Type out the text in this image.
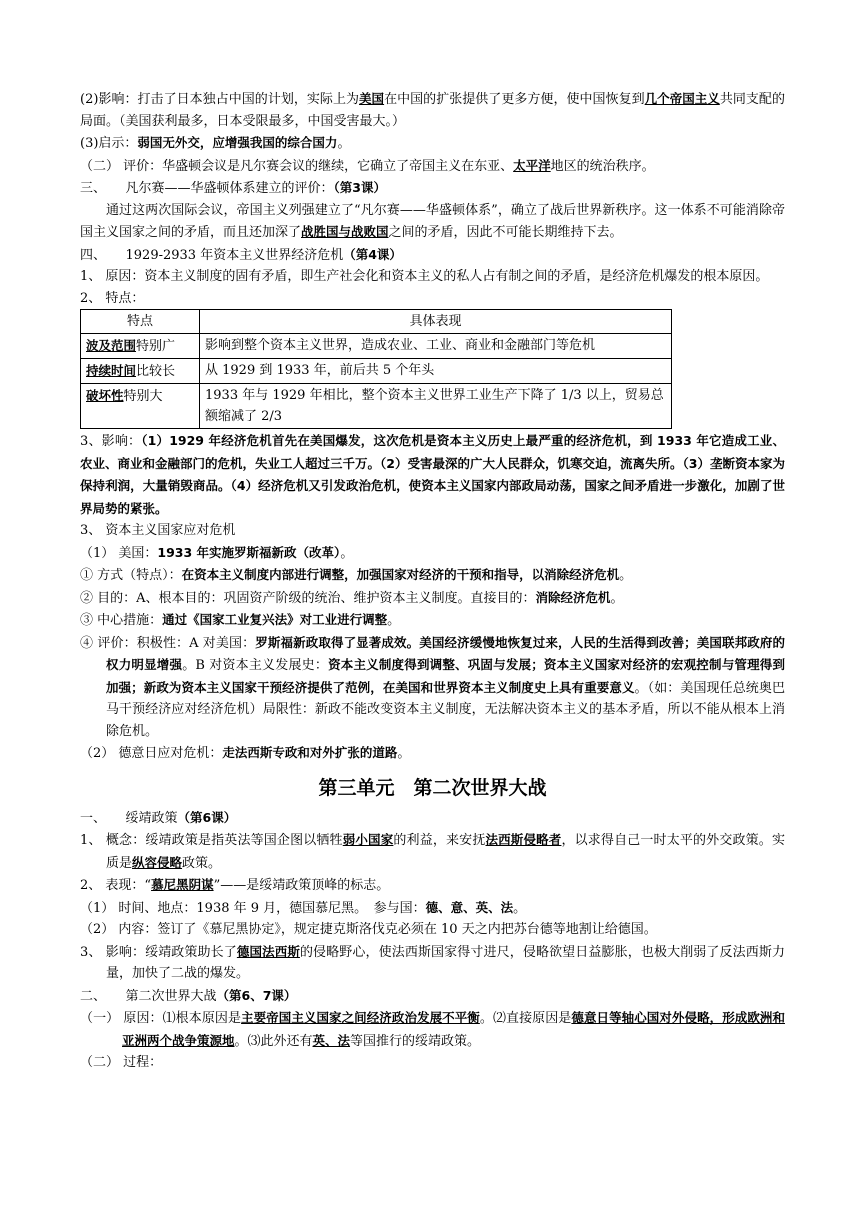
(2)影响：打击了日本独占中国的计划，实际上为美国在中国的扩张提供了更多方便，使中国恢复到几个帝国主义共同支配的局面。（美国获利最多，日本受限最多，中国受害最大。）

(3)启示：弱国无外交，应增强我国的综合国力。

（二） 评价：华盛顿会议是凡尔赛会议的继续，它确立了帝国主义在东亚、太平洋地区的统治秩序。

三、　　凡尔赛——华盛顿体系建立的评价：（第3课）

通过这两次国际会议，帝国主义列强建立了“凡尔赛——华盛顿体系”，确立了战后世界新秩序。这一体系不可能消除帝国主义国家之间的矛盾，而且还加深了战胜国与战败国之间的矛盾，因此不可能长期维持下去。

四、　　1929-2933 年资本主义世界经济危机（第4课）

1、 原因：资本主义制度的固有矛盾，即生产社会化和资本主义的私人占有制之间的矛盾，是经济危机爆发的根本原因。

2、 特点：

特点	具体表现
波及范围特别广	影响到整个资本主义世界，造成农业、工业、商业和金融部门等危机
持续时间比较长	从 1929 到 1933 年，前后共 5 个年头
破坏性特别大	1933 年与 1929 年相比，整个资本主义世界工业生产下降了 1/3 以上，贸易总额缩减了 2/3

3、影响：（1）1929 年经济危机首先在美国爆发，这次危机是资本主义历史上最严重的经济危机，到 1933 年它造成工业、农业、商业和金融部门的危机，失业工人超过三千万。（2）受害最深的广大人民群众，饥寒交迫，流离失所。（3）垄断资本家为保持利润，大量销毁商品。（4）经济危机又引发政治危机，使资本主义国家内部政局动荡，国家之间矛盾进一步激化，加剧了世界局势的紧张。

3、 资本主义国家应对危机

（1） 美国：1933 年实施罗斯福新政（改革）。

① 方式（特点）：在资本主义制度内部进行调整，加强国家对经济的干预和指导，以消除经济危机。

② 目的：A、根本目的：巩固资产阶级的统治、维护资本主义制度。直接目的：消除经济危机。

③ 中心措施：通过《国家工业复兴法》对工业进行调整。

④ 评价：积极性：A 对美国：罗斯福新政取得了显著成效。美国经济缓慢地恢复过来，人民的生活得到改善；美国联邦政府的权力明显增强。B 对资本主义发展史：资本主义制度得到调整、巩固与发展；资本主义国家对经济的宏观控制与管理得到加强；新政为资本主义国家干预经济提供了范例，在美国和世界资本主义制度史上具有重要意义。（如：美国现任总统奥巴马干预经济应对经济危机）局限性：新政不能改变资本主义制度，无法解决资本主义的基本矛盾，所以不能从根本上消除危机。

（2） 德意日应对危机：走法西斯专政和对外扩张的道路。

第三单元　第二次世界大战

一、　　绥靖政策（第6课）

1、 概念：绥靖政策是指英法等国企图以牺牲弱小国家的利益，来安抚法西斯侵略者，以求得自己一时太平的外交政策。实质是纵容侵略政策。

2、 表现：“慕尼黑阴谋”——是绥靖政策顶峰的标志。

（1） 时间、地点：1938 年 9 月，德国慕尼黑。　参与国：德、意、英、法。

（2） 内容：签订了《慕尼黑协定》，规定捷克斯洛伐克必须在 10 天之内把苏台德等地割让给德国。

3、 影响：绥靖政策助长了德国法西斯的侵略野心，使法西斯国家得寸进尺，侵略欲望日益膨胀，也极大削弱了反法西斯力量，加快了二战的爆发。

二、　　第二次世界大战（第6、7课）

（一） 原因：⑴根本原因是主要帝国主义国家之间经济政治发展不平衡。⑵直接原因是德意日等轴心国对外侵略，形成欧洲和亚洲两个战争策源地。⑶此外还有英、法等国推行的绥靖政策。

（二） 过程：
